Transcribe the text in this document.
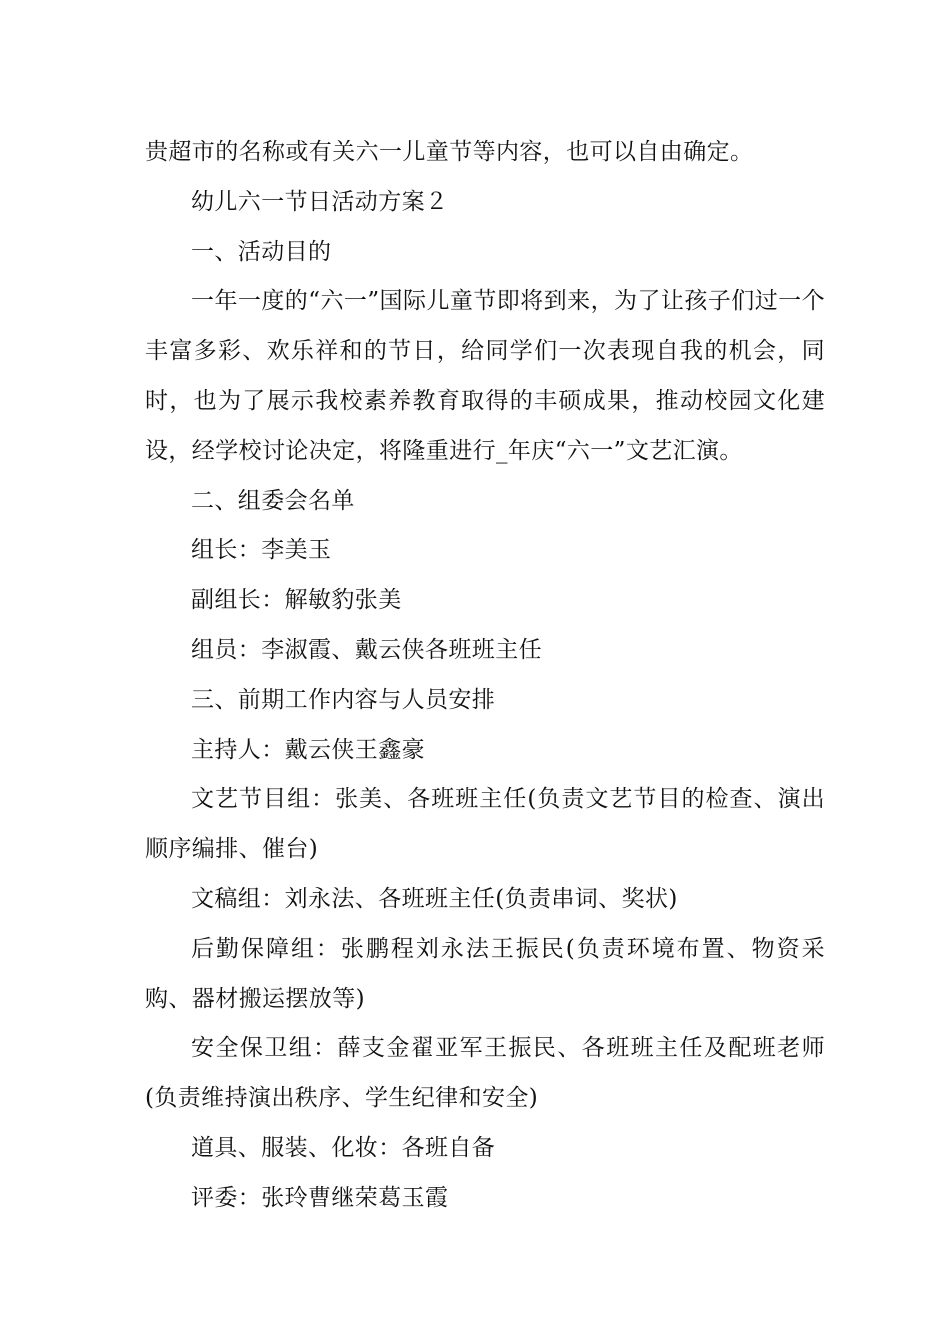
贵超市的名称或有关六一儿童节等内容，也可以自由确定。

幼儿六一节日活动方案２

一、活动目的

一年一度的“六一”国际儿童节即将到来，为了让孩子们过一个丰富多彩、欢乐祥和的节日，给同学们一次表现自我的机会，同时，也为了展示我校素养教育取得的丰硕成果，推动校园文化建设，经学校讨论决定，将隆重进行_年庆“六一”文艺汇演。

二、组委会名单

组长：李美玉

副组长：解敏豹张美

组员：李淑霞、戴云侠各班班主任

三、前期工作内容与人员安排

主持人：戴云侠王鑫豪

文艺节目组：张美、各班班主任(负责文艺节目的检查、演出顺序编排、催台)

文稿组：刘永法、各班班主任(负责串词、奖状)

后勤保障组：张鹏程刘永法王振民(负责环境布置、物资采购、器材搬运摆放等)

安全保卫组：薛支金翟亚军王振民、各班班主任及配班老师(负责维持演出秩序、学生纪律和安全)

道具、服装、化妆：各班自备

评委：张玲曹继荣葛玉霞
